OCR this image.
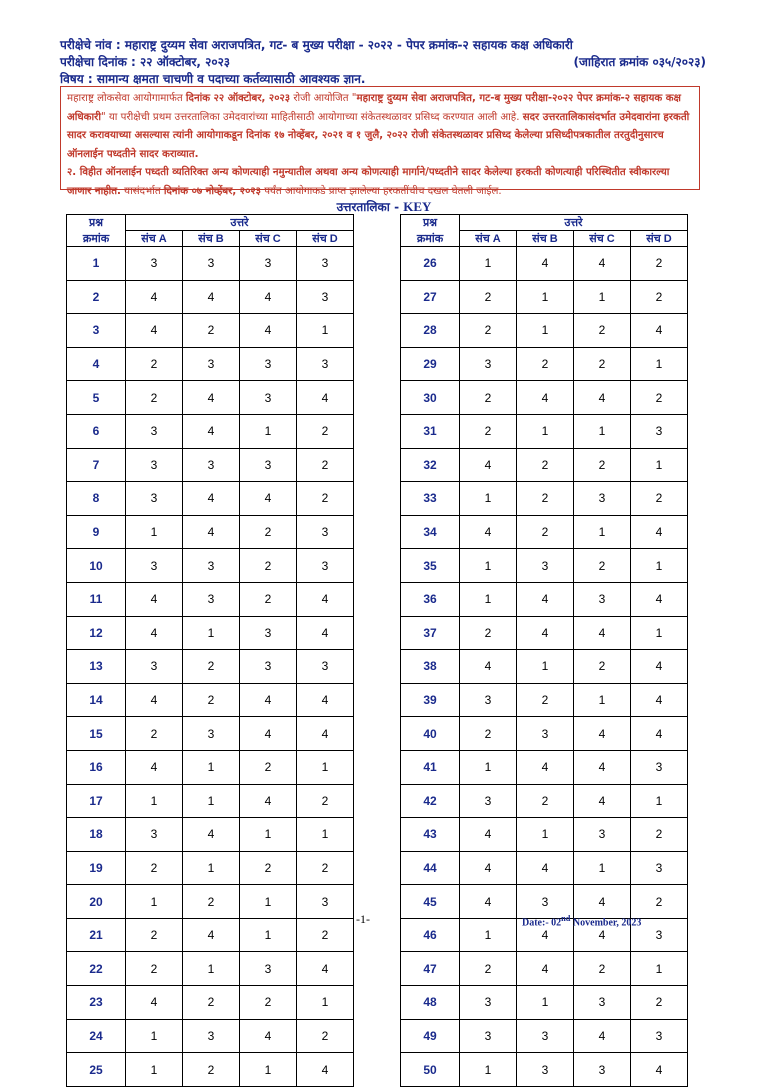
परीक्षेचे नांव : महाराष्ट्र दुय्यम सेवा अराजपत्रित, गट- ब मुख्य परीक्षा - २०२२ - पेपर क्रमांक-२ सहायक कक्ष अधिकारी
परीक्षेचा दिनांक : २२ ऑक्टोबर, २०२३	(जाहिरात क्रमांक ०३५/२०२३)
विषय : सामान्य क्षमता चाचणी व पदाच्या कर्तव्यासाठी आवश्यक ज्ञान.
महाराष्ट्र लोकसेवा आयोगामार्फत दिनांक २२ ऑक्टोबर, २०२३ रोजी आयोजित "महाराष्ट्र दुय्यम सेवा अराजपत्रित, गट-ब मुख्य परीक्षा-२०२२ पेपर क्रमांक-२ सहायक कक्ष अधिकारी" या परीक्षेची प्रथम उत्तरतालिका उमेदवारांच्या माहितीसाठी आयोगाच्या संकेतस्थळावर प्रसिध्द करण्यात आली आहे. सदर उत्तरतालिकासंदर्भात उमेदवारांना हरकती सादर करावयाच्या असल्यास त्यांनी आयोगाकडून दिनांक १७ नोव्हेंबर, २०२१ व १ जुलै, २०२२ रोजी संकेतस्थळावर प्रसिध्द केलेल्या प्रसिध्दीपत्रकातील तरतुदीनुसारच ऑनलाईन पध्दतीने सादर कराव्यात.
२. विहीत ऑनलाईन पध्दती व्यतिरिक्त अन्य कोणत्याही नमुन्यातील अथवा अन्य कोणत्याही मार्गाने/पध्दतीने सादर केलेल्या हरकती कोणत्याही परिस्थितीत स्वीकारल्या जाणार नाहीत. यासंदर्भात दिनांक ०७ नोव्हेंबर, २०२३ पर्यंत आयोगाकडे प्राप्त झालेल्या हरकतींचीच दखल घेतली जाईल.
उत्तरतालिका - KEY
प्रश्न	उत्तरे			
क्रमांक	संच A	संच B	संच C	संच D
1	3	3	3	3
2	4	4	4	3
3	4	2	4	1
4	2	3	3	3
5	2	4	3	4
6	3	4	1	2
7	3	3	3	2
8	3	4	4	2
9	1	4	2	3
10	3	3	2	3
11	4	3	2	4
12	4	1	3	4
13	3	2	3	3
14	4	2	4	4
15	2	3	4	4
16	4	1	2	1
17	1	1	4	2
18	3	4	1	1
19	2	1	2	2
20	1	2	1	3
21	2	4	1	2
22	2	1	3	4
23	4	2	2	1
24	1	3	4	2
25	1	2	1	4
प्रश्न	उत्तरे			
क्रमांक	संच A	संच B	संच C	संच D
26	1	4	4	2
27	2	1	1	2
28	2	1	2	4
29	3	2	2	1
30	2	4	4	2
31	2	1	1	3
32	4	2	2	1
33	1	2	3	2
34	4	2	1	4
35	1	3	2	1
36	1	4	3	4
37	2	4	4	1
38	4	1	2	4
39	3	2	1	4
40	2	3	4	4
41	1	4	4	3
42	3	2	4	1
43	4	1	3	2
44	4	4	1	3
45	4	3	4	2
46	1	4	4	3
47	2	4	2	1
48	3	1	3	2
49	3	3	4	3
50	1	3	3	4
-1-	Date:- 02nd November, 2023
